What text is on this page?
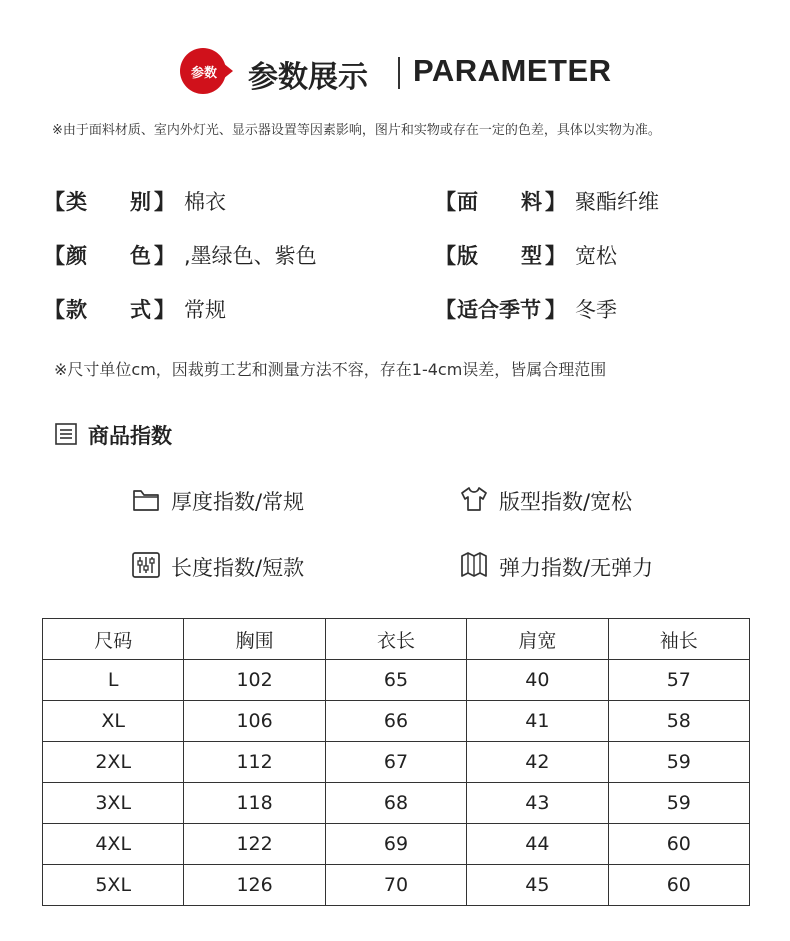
参数	参数展示 PARAMETER
※由于面料材质、室内外灯光、显示器设置等因素影响，图片和实物或存在一定的色差，具体以实物为准。
【 类 别 】 棉衣	【 面 料 】 聚酯纤维
【 颜 色 】 ,墨绿色、紫色	【 版 型 】 宽松
【 款 式 】 常规	【 适合季节 】 冬季
※尺寸单位cm，因裁剪工艺和测量方法不容，存在1-4cm误差，皆属合理范围
商品指数
厚度指数/常规	版型指数/宽松
长度指数/短款	弹力指数/无弹力
尺码	胸围	衣长	肩宽	袖长
L	102	65	40	57
XL	106	66	41	58
2XL	112	67	42	59
3XL	118	68	43	59
4XL	122	69	44	60
5XL	126	70	45	60
